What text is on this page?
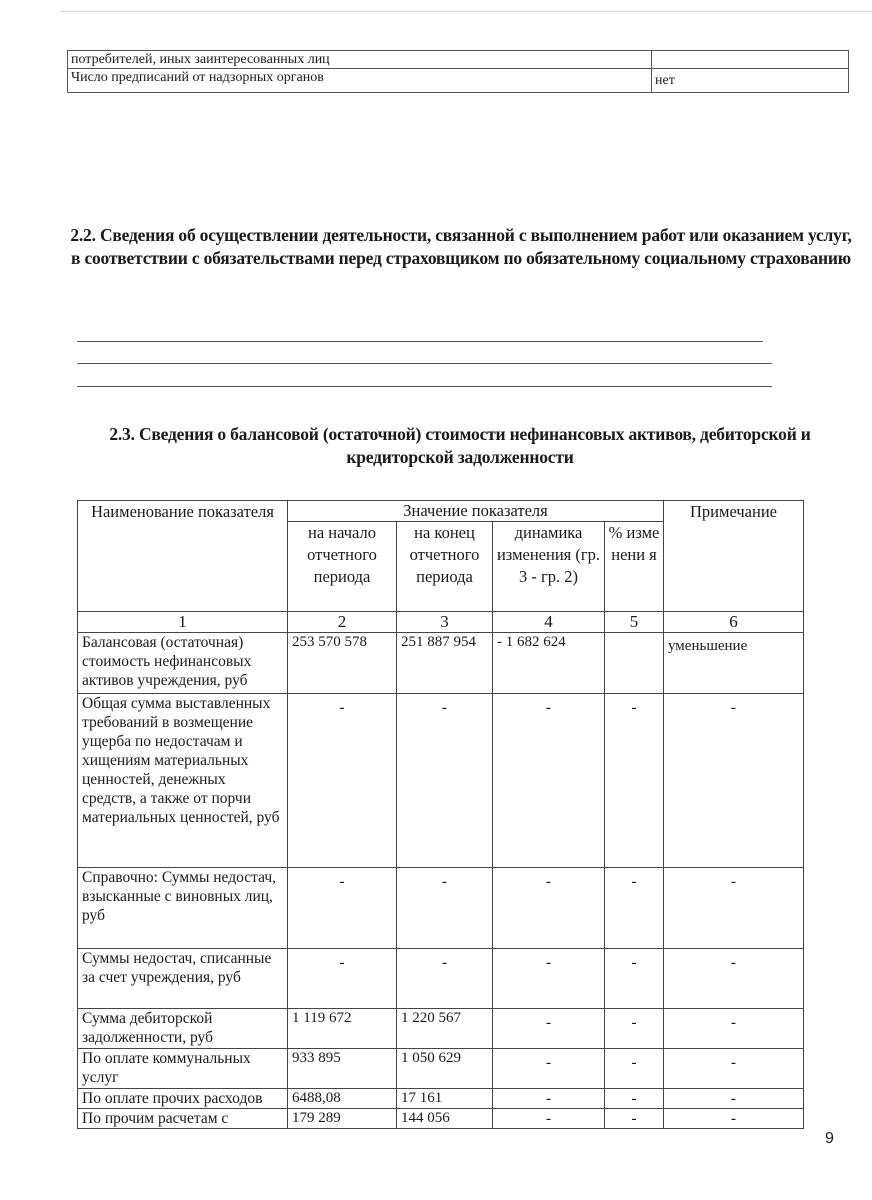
потребителей, иных заинтересованных лиц	
Число предписаний от надзорных органов	нет
2.2. Сведения об осуществлении деятельности, связанной с выполнением работ или оказанием услуг, в соответствии с обязательствами перед страховщиком по обязательному социальному страхованию
2.3. Сведения о балансовой (остаточной) стоимости нефинансовых активов, дебиторской и кредиторской задолженности
Наименование показателя	Значение показателя				Примечание
	на начало отчетного периода	на конец отчетного периода	динамика изменения (гр. 3 - гр. 2)	% изме нени я	
1	2	3	4	5	6
Балансовая (остаточная) стоимость нефинансовых активов учреждения, руб	253 570 578	251 887 954	- 1 682 624		уменьшение
Общая сумма выставленных требований в возмещение ущерба по недостачам и хищениям материальных ценностей, денежных средств, а также от порчи материальных ценностей, руб	-	-	-	-	-
Справочно: Суммы недостач, взысканные с виновных лиц, руб	-	-	-	-	-
Суммы недостач, списанные за счет учреждения, руб	-	-	-	-	-
Сумма дебиторской задолженности, руб	1 119 672	1 220 567	-	-	-
По оплате коммунальных услуг	933 895	1 050 629	-	-	-
По оплате прочих расходов	6488,08	17 161	-	-	-
По прочим расчетам с	179 289	144 056	-	-	-
9
